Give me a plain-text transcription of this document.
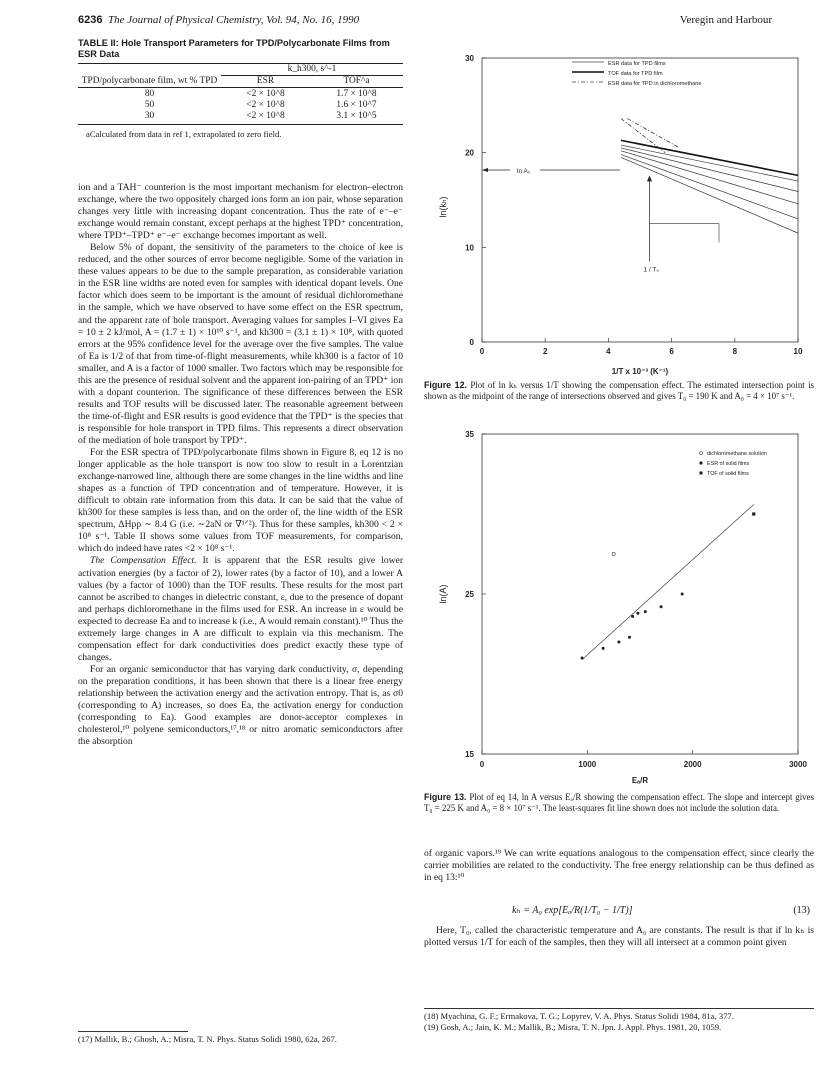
6236 The Journal of Physical Chemistry, Vol. 94, No. 16, 1990	Veregin and Harbour
TABLE II: Hole Transport Parameters for TPD/Polycarbonate Films from ESR Data
TPD/polycarbonate film, wt % TPD	k_h300, s^-1	
	ESR	TOF^a

80	<2 × 10^8	1.7 × 10^8
50	<2 × 10^8	1.6 × 10^7
30	<2 × 10^8	3.1 × 10^5
aCalculated from data in ref 1, extrapolated to zero field.

ion and a TAH⁻ counterion is the most important mechanism for electron–electron exchange, where the two oppositely charged ions form an ion pair, whose separation changes very little with increasing dopant concentration. Thus the rate of e⁻–e⁻ exchange would remain constant, except perhaps at the highest TPD⁺ concentration, where TPD⁺–TPD⁺ e⁻–e⁻ exchange becomes important as well.

Below 5% of dopant, the sensitivity of the parameters to the choice of kee is reduced, and the other sources of error become negligible. Some of the variation in these values appears to be due to the sample preparation, as considerable variation in the ESR line widths are noted even for samples with identical dopant levels. One factor which does seem to be important is the amount of residual dichloromethane in the sample, which we have observed to have some effect on the ESR spectrum, and the apparent rate of hole transport. Averaging values for samples I–VI gives Ea = 10 ± 2 kJ/mol, A = (1.7 ± 1) × 10¹⁰ s⁻¹, and kh300 = (3.1 ± 1) × 10⁸, with quoted errors at the 95% confidence level for the average over the five samples. The value of Ea is 1/2 of that from time-of-flight measurements, while kh300 is a factor of 10 smaller, and A is a factor of 1000 smaller. Two factors which may be responsible for this are the presence of residual solvent and the apparent ion-pairing of an TPD⁺ ion with a dopant counterion. The significance of these differences between the ESR results and TOF results will be discussed later. The reasonable agreement between the time-of-flight and ESR results is good evidence that the TPD⁺ is the species that is responsible for hole transport in TPD films. This represents a direct observation of the mediation of hole transport by TPD⁺.

For the ESR spectra of TPD/polycarbonate films shown in Figure 8, eq 12 is no longer applicable as the hole transport is now too slow to result in a Lorentzian exchange-narrowed line, although there are some changes in the line widths and line shapes as a function of TPD concentration and of temperature. However, it is difficult to obtain rate information from this data. It can be said that the value of kh300 for these samples is less than, and on the order of, the line width of the ESR spectrum, ΔHpp ∼ 8.4 G (i.e. ∼2aN or ∇¹ᐟ²). Thus for these samples, kh300 < 2 × 10⁸ s⁻¹. Table II shows some values from TOF measurements, for comparison, which do indeed have rates <2 × 10⁸ s⁻¹.

The Compensation Effect. It is apparent that the ESR results give lower activation energies (by a factor of 2), lower rates (by a factor of 10), and a lower A values (by a factor of 1000) than the TOF results. These results for the most part cannot be ascribed to changes in dielectric constant, ε, due to the presence of dopant and perhaps dichloromethane in the films used for ESR. An increase in ε would be expected to decrease Ea and to increase k (i.e., A would remain constant).¹⁰ Thus the extremely large changes in A are difficult to explain via this mechanism. The compensation effect for dark conductivities does predict exactly these type of changes.

For an organic semiconductor that has varying dark conductivity, σ, depending on the preparation conditions, it has been shown that there is a linear free energy relationship between the activation energy and the activation entropy. That is, as σ0 (corresponding to A) increases, so does Ea, the activation energy for conduction (corresponding to Ea). Good examples are donor-acceptor complexes in cholesterol,¹⁰ polyene semiconductors,¹⁷,¹⁸ or nitro aromatic semiconductors after the absorption

(17) Mallik, B.; Ghosh, A.; Misra, T. N. Phys. Status Solidi 1980, 62a, 267.
0	2	4	6	8	10
0
10
20
30
ESR data for TPD films
TOF data for TPD film
ESR data for TPD in dichloromethane
ln A₀
1 / T₀
ln(kₕ)
1/T x 10⁻³ (K⁻¹)
Figure 12. Plot of ln kₕ versus 1/T showing the compensation effect. The estimated intersection point is shown as the midpoint of the range of intersections observed and gives T₀ = 190 K and A₀ = 4 × 10⁷ s⁻¹.
0	1000	2000	3000
15
25
35
dichloromethane solution
ESR of solid films
TOF of solid films
ln(A)
Eₐ/R
Figure 13. Plot of eq 14, ln A versus Eₐ/R showing the compensation effect. The slope and intercept gives T₀ = 225 K and A₀ = 8 × 10⁷ s⁻¹. The least-squares fit line shown does not include the solution data.

of organic vapors.¹⁹ We can write equations analogous to the compensation effect, since clearly the carrier mobilities are related to the conductivity. The free energy relationship can be thus defined as in eq 13:¹⁰

kₕ = A₀ exp[Eₐ/R(1/T₀ − 1/T)]	(13)

Here, T₀, called the characteristic temperature and A₀ are constants. The result is that if ln kₕ is plotted versus 1/T for each of the samples, then they will all intersect at a common point given

(18) Myachina, G. F.; Ermakova, T. G.; Lopyrev, V. A. Phys. Status Solidi 1984, 81a, 377.
(19) Gosh, A.; Jain, K. M.; Mallik, B.; Misra, T. N. Jpn. J. Appl. Phys. 1981, 20, 1059.
